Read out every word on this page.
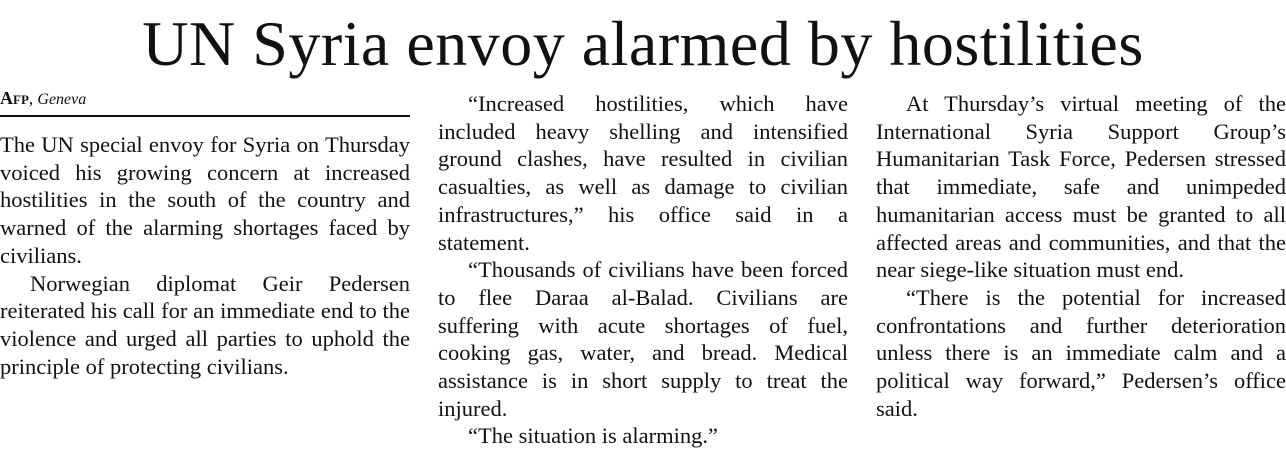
UN Syria envoy alarmed by hostilities
Afp, Geneva

The UN special envoy for Syria on Thursday voiced his growing concern at increased hostilities in the south of the country and warned of the alarming shortages faced by civilians.

Norwegian diplomat Geir Pedersen reiterated his call for an immediate end to the violence and urged all parties to uphold the principle of protecting civilians.

“Increased hostilities, which have included heavy shelling and intensified ground clashes, have resulted in civilian casualties, as well as damage to civilian infrastructures,” his office said in a statement.

“Thousands of civilians have been forced to flee Daraa al-Balad. Civilians are suffering with acute shortages of fuel, cooking gas, water, and bread. Medical assistance is in short supply to treat the injured.

“The situation is alarming.”

At Thursday’s virtual meeting of the International Syria Support Group’s Humanitarian Task Force, Pedersen stressed that immediate, safe and unimpeded humanitarian access must be granted to all affected areas and communities, and that the near siege-like situation must end.

“There is the potential for increased confrontations and further deterioration unless there is an immediate calm and a political way forward,” Pedersen’s office said.
